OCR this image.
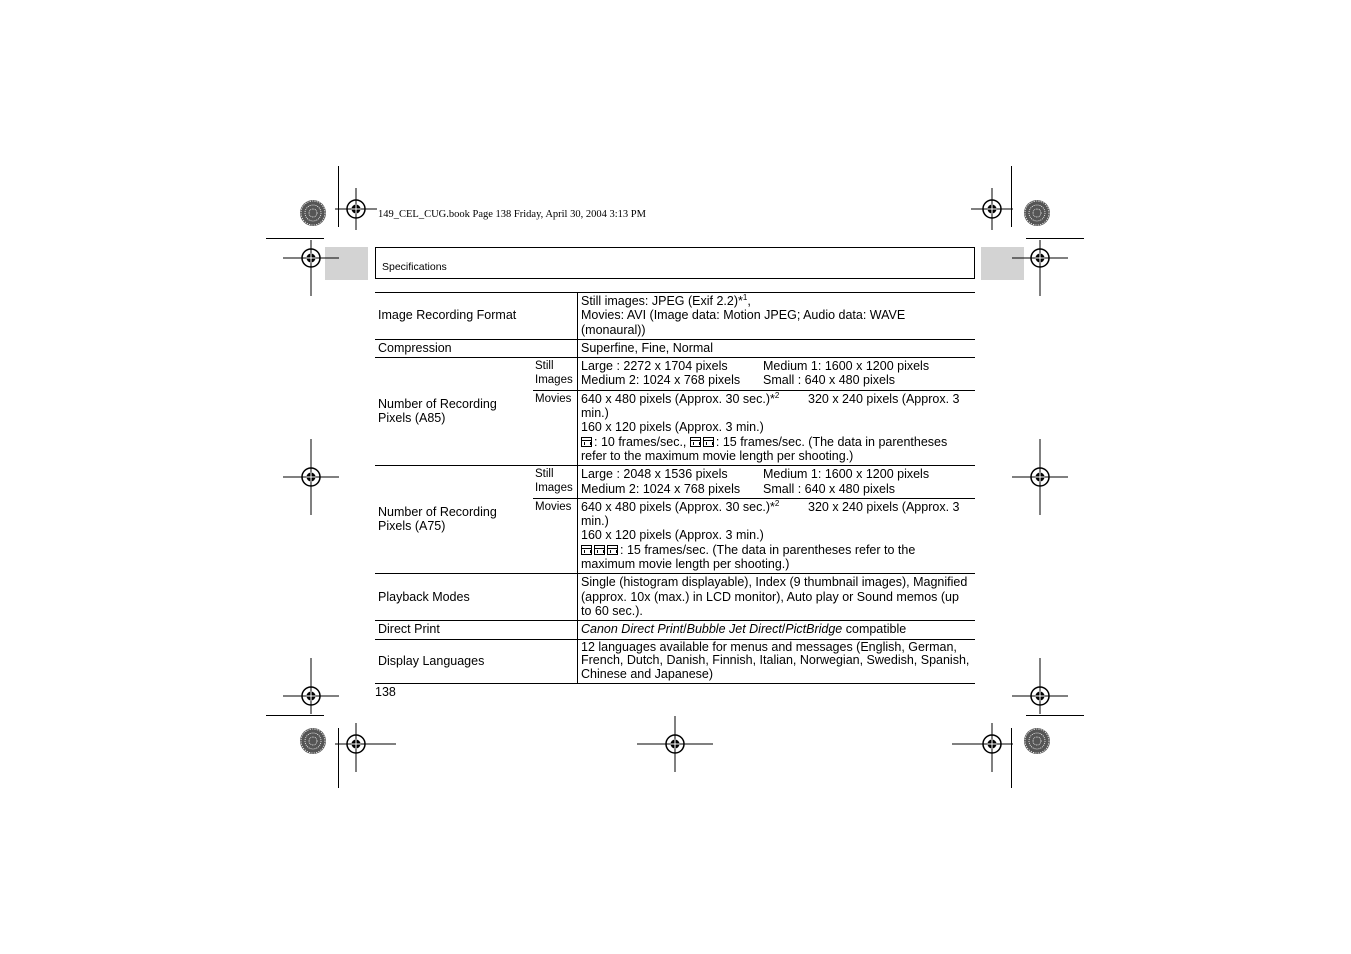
149_CEL_CUG.book Page 138 Friday, April 30, 2004 3:13 PM
Specifications
Image Recording Format		Still images: JPEG (Exif 2.2)*$^1$,
Movies: AVI (Image data: Motion JPEG; Audio data: WAVE (monaural))
Compression		Superfine, Fine, Normal
Number of Recording Pixels (A85)	Still Images	Large : 2272 x 1704 pixels Medium 1: 1600 x 1200 pixels
Medium 2: 1024 x 768 pixels Small : 640 x 480 pixels
	Movies	640 x 480 pixels (Approx. 30 sec.)*$^2$ 320 x 240 pixels (Approx. 3 min.)
160 x 120 pixels (Approx. 3 min.)
: 10 frames/sec., : 15 frames/sec. (The data in parentheses refer to the maximum movie length per shooting.)
Number of Recording Pixels (A75)	Still Images	Large : 2048 x 1536 pixels Medium 1: 1600 x 1200 pixels
Medium 2: 1024 x 768 pixels Small : 640 x 480 pixels
	Movies	640 x 480 pixels (Approx. 30 sec.)*$^2$ 320 x 240 pixels (Approx. 3 min.)
160 x 120 pixels (Approx. 3 min.)
: 15 frames/sec. (The data in parentheses refer to the maximum movie length per shooting.)
Playback Modes		Single (histogram displayable), Index (9 thumbnail images), Magnified (approx. 10x (max.) in LCD monitor), Auto play or Sound memos (up to 60 sec.).
Direct Print		Canon Direct Print/Bubble Jet Direct/PictBridge compatible
Display Languages		12 languages available for menus and messages (English, German, French, Dutch, Danish, Finnish, Italian, Norwegian, Swedish, Spanish, Chinese and Japanese)
138
